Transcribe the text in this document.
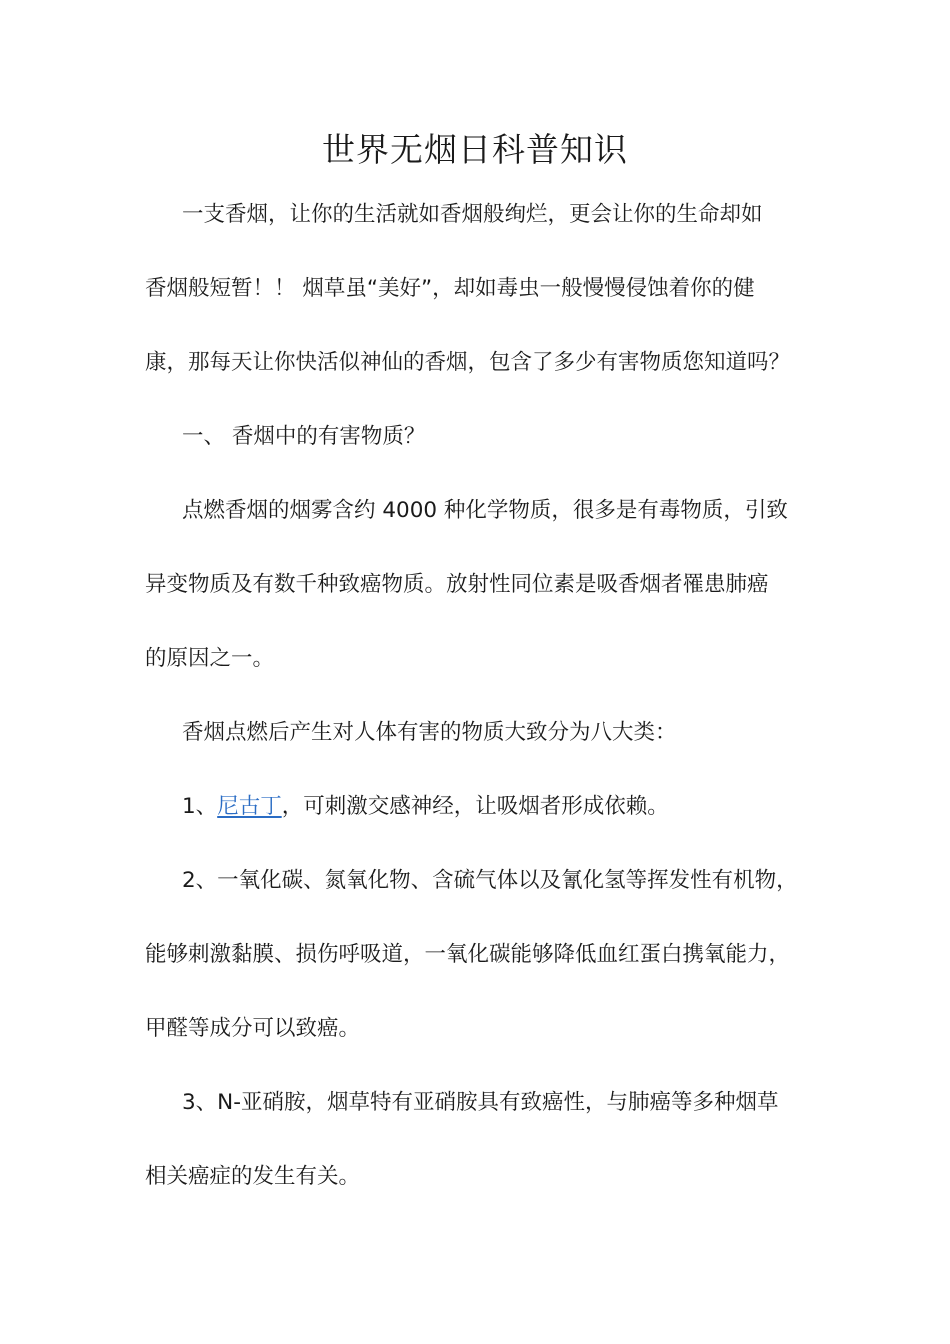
世界无烟日科普知识
一支香烟，让你的生活就如香烟般绚烂，更会让你的生命却如
香烟般短暂！！ 烟草虽“美好”，却如毒虫一般慢慢侵蚀着你的健
康，那每天让你快活似神仙的香烟，包含了多少有害物质您知道吗？
一、 香烟中的有害物质？
点燃香烟的烟雾含约 4000 种化学物质，很多是有毒物质，引致
异变物质及有数千种致癌物质。放射性同位素是吸香烟者罹患肺癌
的原因之一。
香烟点燃后产生对人体有害的物质大致分为八大类：
1、尼古丁，可刺激交感神经，让吸烟者形成依赖。
2、一氧化碳、氮氧化物、含硫气体以及氰化氢等挥发性有机物，
能够刺激黏膜、损伤呼吸道，一氧化碳能够降低血红蛋白携氧能力，
甲醛等成分可以致癌。
3、N-亚硝胺，烟草特有亚硝胺具有致癌性，与肺癌等多种烟草
相关癌症的发生有关。
